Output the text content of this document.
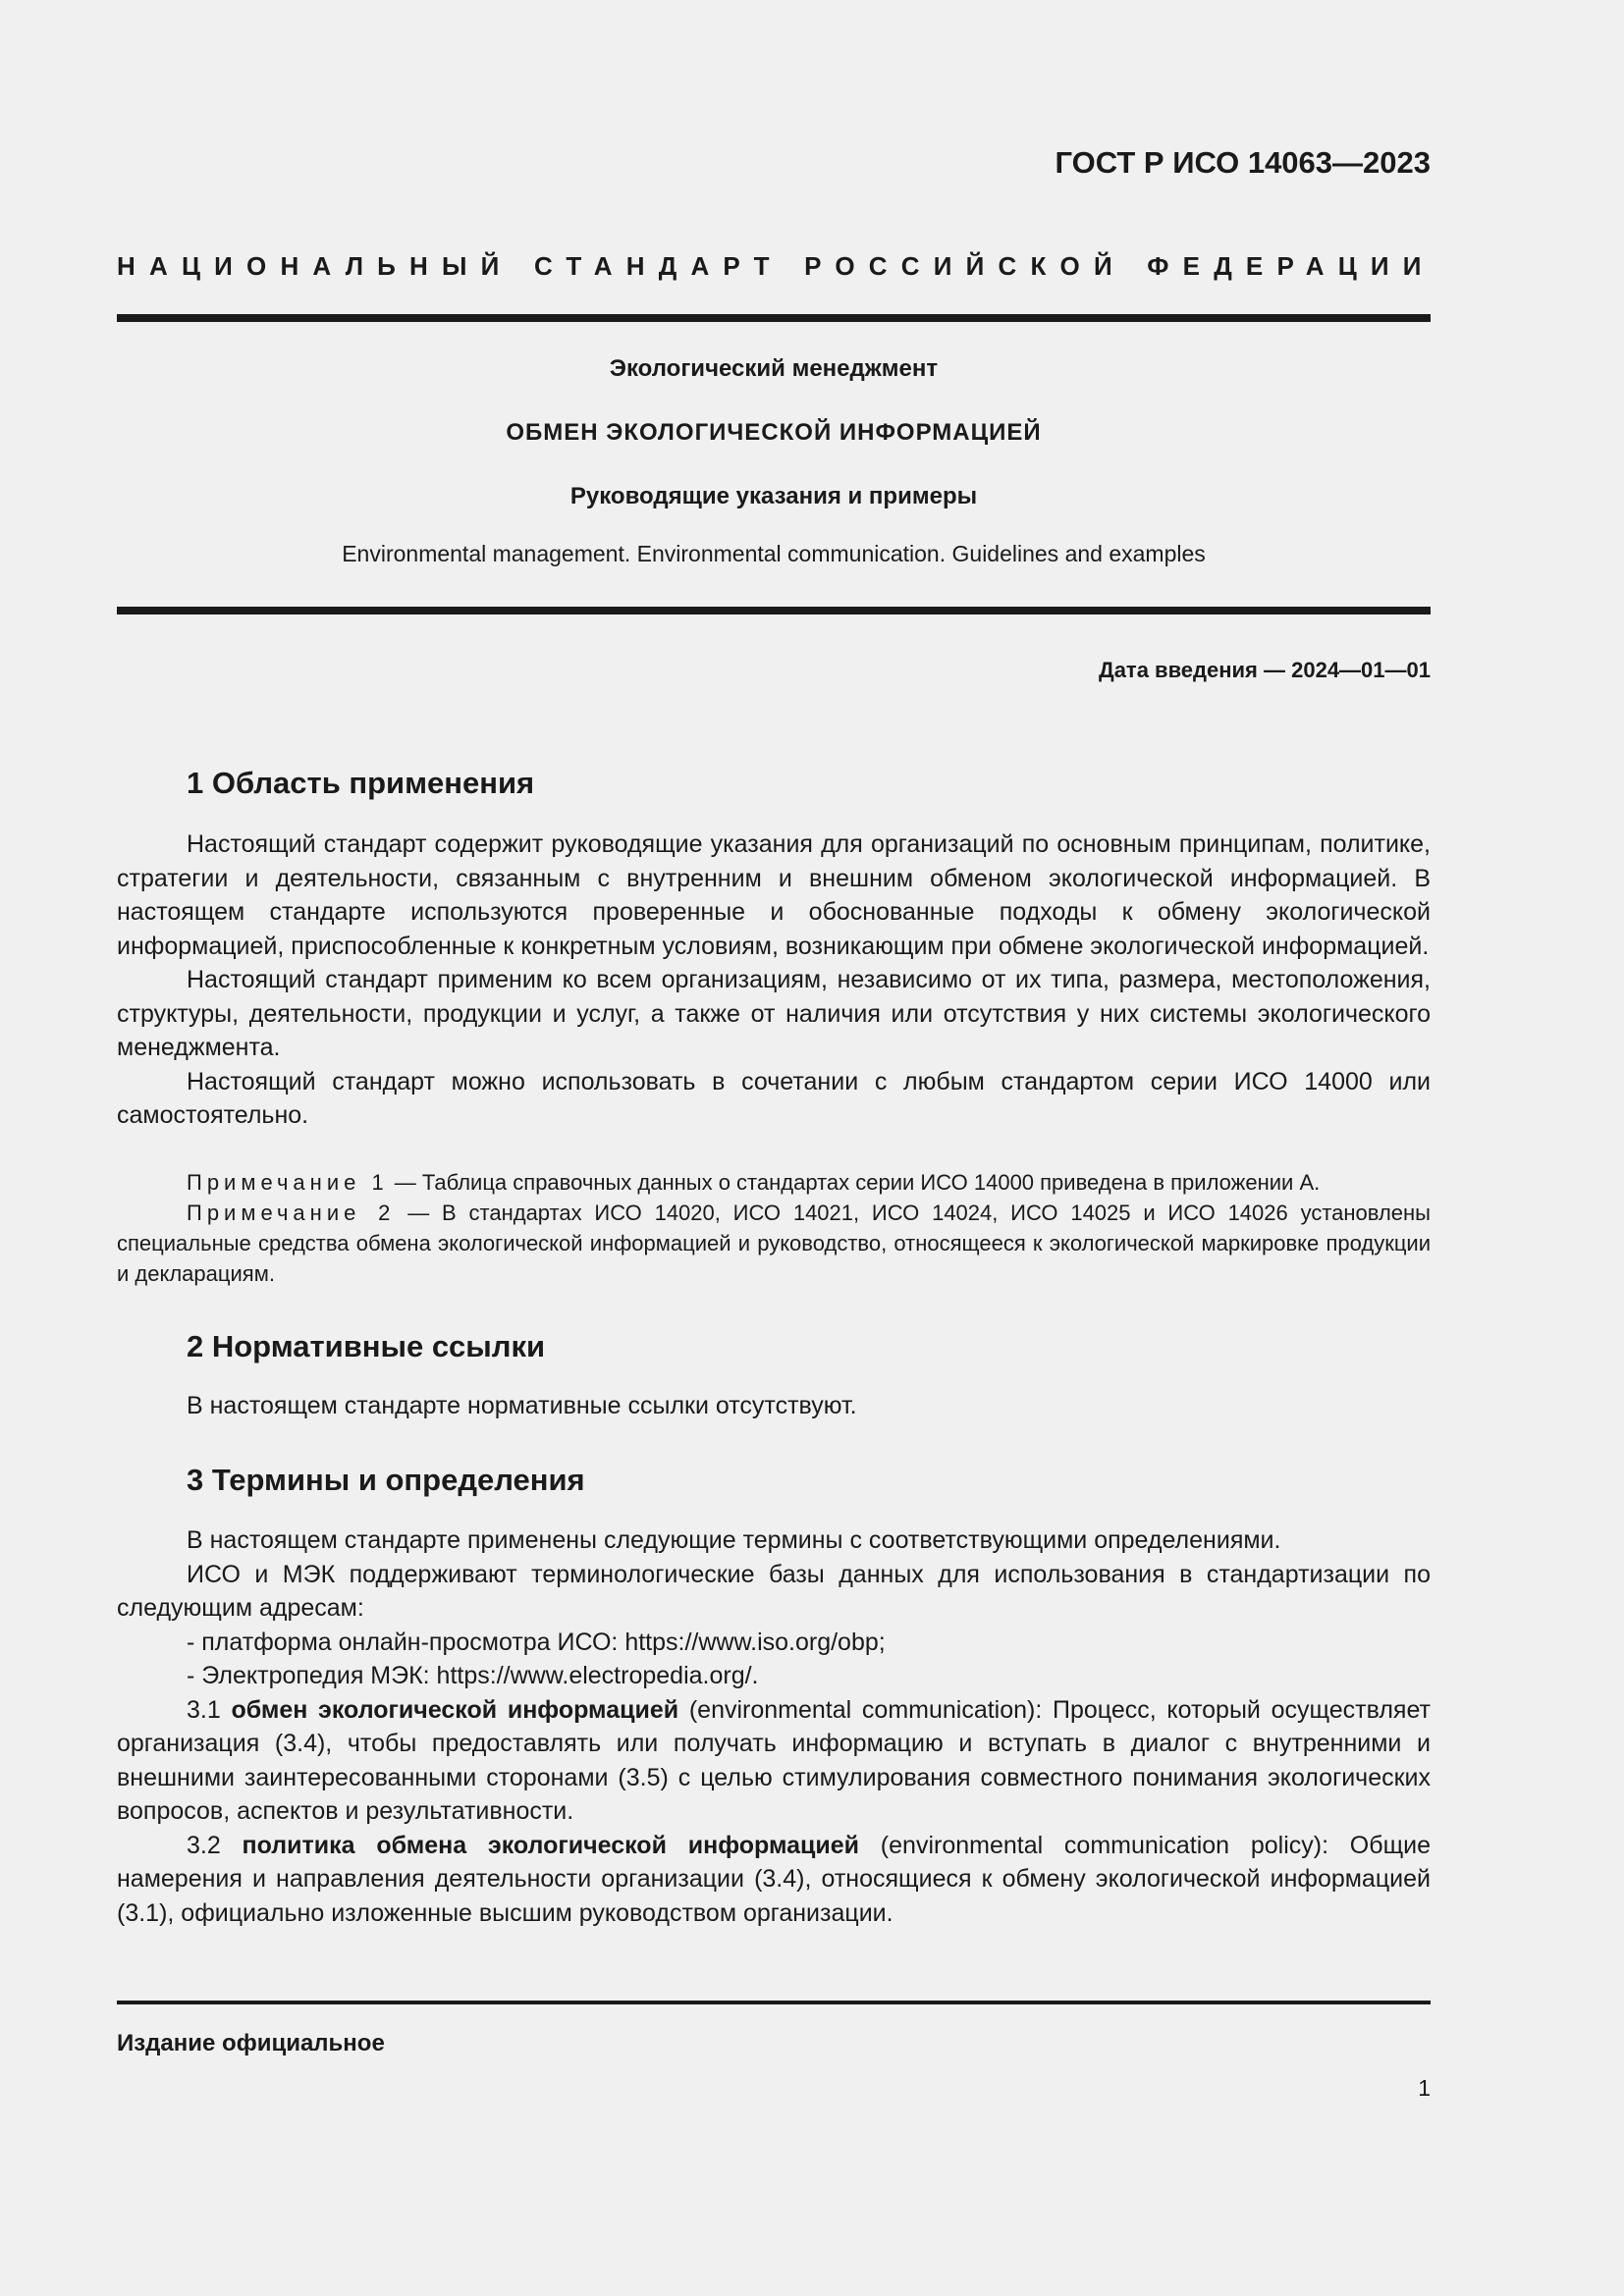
ГОСТ Р ИСО 14063—2023
НАЦИОНАЛЬНЫЙ СТАНДАРТ РОССИЙСКОЙ ФЕДЕРАЦИИ
Экологический менеджмент
ОБМЕН ЭКОЛОГИЧЕСКОЙ ИНФОРМАЦИЕЙ
Руководящие указания и примеры
Environmental management. Environmental communication. Guidelines and examples
Дата введения — 2024—01—01
1 Область применения

Настоящий стандарт содержит руководящие указания для организаций по основным принципам, политике, стратегии и деятельности, связанным с внутренним и внешним обменом экологической информацией. В настоящем стандарте используются проверенные и обоснованные подходы к обмену экологической информацией, приспособленные к конкретным условиям, возникающим при обмене экологической информацией.

Настоящий стандарт применим ко всем организациям, независимо от их типа, размера, местоположения, структуры, деятельности, продукции и услуг, а также от наличия или отсутствия у них системы экологического менеджмента.

Настоящий стандарт можно использовать в сочетании с любым стандартом серии ИСО 14000 или самостоятельно.

Примечание 1 — Таблица справочных данных о стандартах серии ИСО 14000 приведена в приложении А.

Примечание 2 — В стандартах ИСО 14020, ИСО 14021, ИСО 14024, ИСО 14025 и ИСО 14026 установлены специальные средства обмена экологической информацией и руководство, относящееся к экологической маркировке продукции и декларациям.

2 Нормативные ссылки

В настоящем стандарте нормативные ссылки отсутствуют.

3 Термины и определения

В настоящем стандарте применены следующие термины с соответствующими определениями.

ИСО и МЭК поддерживают терминологические базы данных для использования в стандартизации по следующим адресам:

- платформа онлайн-просмотра ИСО: https://www.iso.org/obp;

- Электропедия МЭК: https://www.electropedia.org/.

3.1 обмен экологической информацией (environmental communication): Процесс, который осуществляет организация (3.4), чтобы предоставлять или получать информацию и вступать в диалог с внутренними и внешними заинтересованными сторонами (3.5) с целью стимулирования совместного понимания экологических вопросов, аспектов и результативности.

3.2 политика обмена экологической информацией (environmental communication policy): Общие намерения и направления деятельности организации (3.4), относящиеся к обмену экологической информацией (3.1), официально изложенные высшим руководством организации.

Издание официальное
1
